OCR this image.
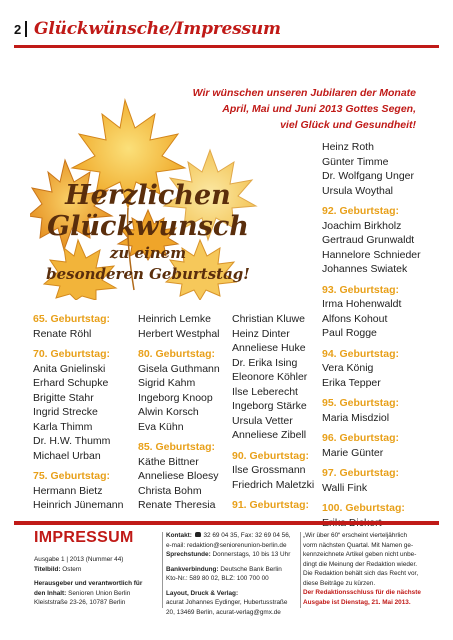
2 Glückwünsche/Impressum
Wir wünschen unseren Jubilaren der Monate
April, Mai und Juni 2013 Gottes Segen,
viel Glück und Gesundheit!
Herzlichen
Glückwunsch
zu einem
besonderen Geburtstag!
65. Geburtstag:
Renate Röhl
70. Geburtstag:
Anita Gnielinski
Erhard Schupke
Brigitte Stahr
Ingrid Strecke
Karla Thimm
Dr. H.W. Thumm
Michael Urban
75. Geburtstag:
Hermann Bietz
Heinrich Jünemann
Heinrich Lemke
Herbert Westphal
80. Geburtstag:
Gisela Guthmann
Sigrid Kahm
Ingeborg Knoop
Alwin Korsch
Eva Kühn
85. Geburtstag:
Käthe Bittner
Anneliese Bloesy
Christa Bohm
Renate Theresia
Christian Kluwe
Heinz Dinter
Anneliese Huke
Dr. Erika Ising
Eleonore Köhler
Ilse Leberecht
Ingeborg Stärke
Ursula Vetter
Anneliese Zibell
90. Geburtstag:
Ilse Grossmann
Friedrich Maletzki
91. Geburtstag:
Heinz Roth
Günter Timme
Dr. Wolfgang Unger
Ursula Woythal
92. Geburtstag:
Joachim Birkholz
Gertraud Grunwaldt
Hannelore Schnieder
Johannes Swiatek
93. Geburtstag:
Irma Hohenwaldt
Alfons Kohout
Paul Rogge
94. Geburtstag:
Vera König
Erika Tepper
95. Geburtstag:
Maria Misdziol
96. Geburtstag:
Marie Günter
97. Geburtstag:
Walli Fink
100. Geburtstag:
IMPRESSUM
Ausgabe 1 | 2013 (Nummer 44)
Titelbild: Ostern
Herausgeber und verantwortlich für
den Inhalt: Senioren Union Berlin
Kleiststraße 23-26, 10787 Berlin
Kontakt: 32 69 04 35, Fax: 32 69 04 56,
e-mail: redaktion@seniorenunion-berlin.de
Sprechstunde: Donnerstags, 10 bis 13 Uhr
Bankverbindung: Deutsche Bank Berlin
Kto-Nr.: 589 80 02, BLZ: 100 700 00
Layout, Druck & Verlag:
acurat Johannes Eydinger, Hubertusstraße
20, 13469 Berlin, acurat-verlag@gmx.de
„Wir über 60“ erscheint vierteljährlich
vorm nächsten Quartal. Mit Namen ge-
kennzeichnete Artikel geben nicht unbe-
dingt die Meinung der Redaktion wieder.
Die Redaktion behält sich das Recht vor,
diese Beiträge zu kürzen.
Der Redaktionsschluss für die nächste
Ausgabe ist Dienstag, 21. Mai 2013.
